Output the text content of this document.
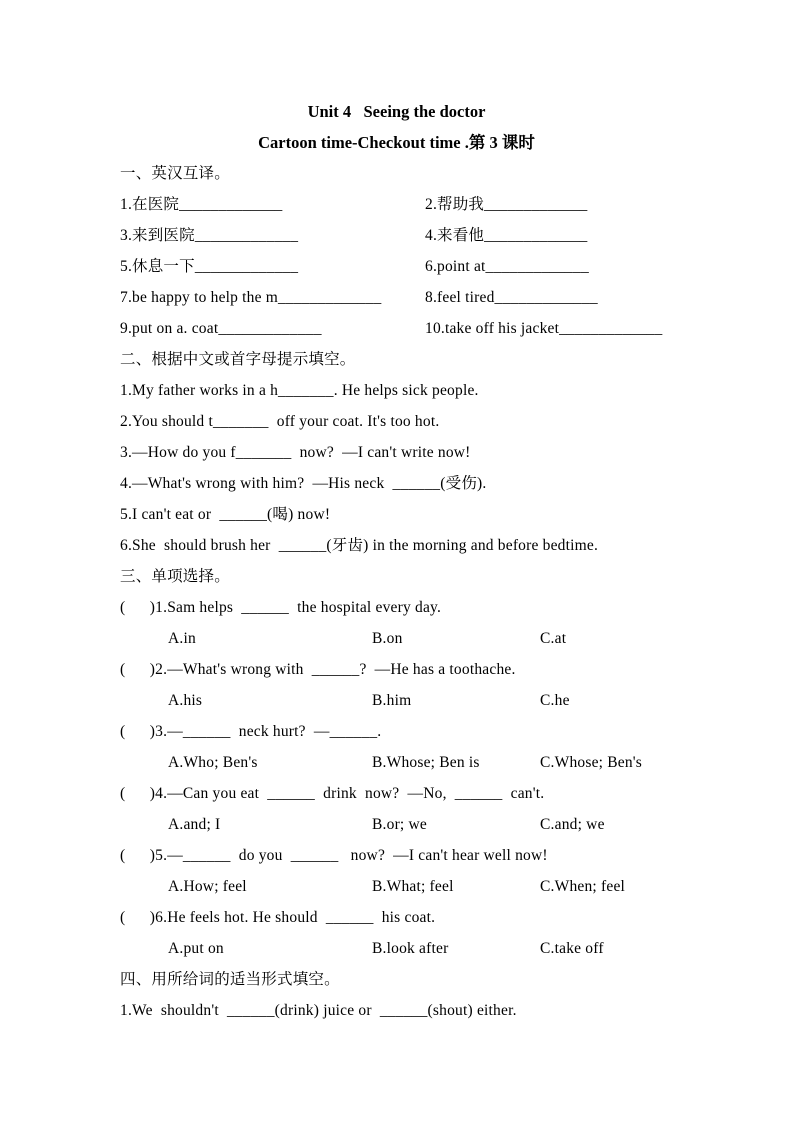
Unit 4   Seeing the doctor
Cartoon time-Checkout time .第 3 课时
一、英汉互译。
1.在医院_____________	2.帮助我_____________
3.来到医院_____________	4.来看他_____________
5.休息一下_____________	6.point at_____________
7.be happy to help the m_____________	8.feel tired_____________
9.put on a. coat_____________	10.take off his jacket_____________
二、根据中文或首字母提示填空。
1.My father works in a h_______. He helps sick people.
2.You should t_______  off your coat. It's too hot.
3.—How do you f_______  now?  —I can't write now!
4.—What's wrong with him?  —His neck  ______(受伤).
5.I can't eat or  ______(喝) now!
6.She  should brush her  ______(牙齿) in the morning and before bedtime.
三、单项选择。
(      )1.Sam helps  ______  the hospital every day.
A.in	B.on	C.at
(      )2.—What's wrong with  ______?  —He has a toothache.
A.his	B.him	C.he
(      )3.—______  neck hurt?  —______.
A.Who; Ben's	B.Whose; Ben is	C.Whose; Ben's
(      )4.—Can you eat  ______  drink  now?  —No,  ______  can't.
A.and; I	B.or; we	C.and; we
(      )5.—______  do you  ______   now?  —I can't hear well now!
A.How; feel	B.What; feel	C.When; feel
(      )6.He feels hot. He should  ______  his coat.
A.put on	B.look after	C.take off
四、用所给词的适当形式填空。
1.We  shouldn't  ______(drink) juice or  ______(shout) either.
